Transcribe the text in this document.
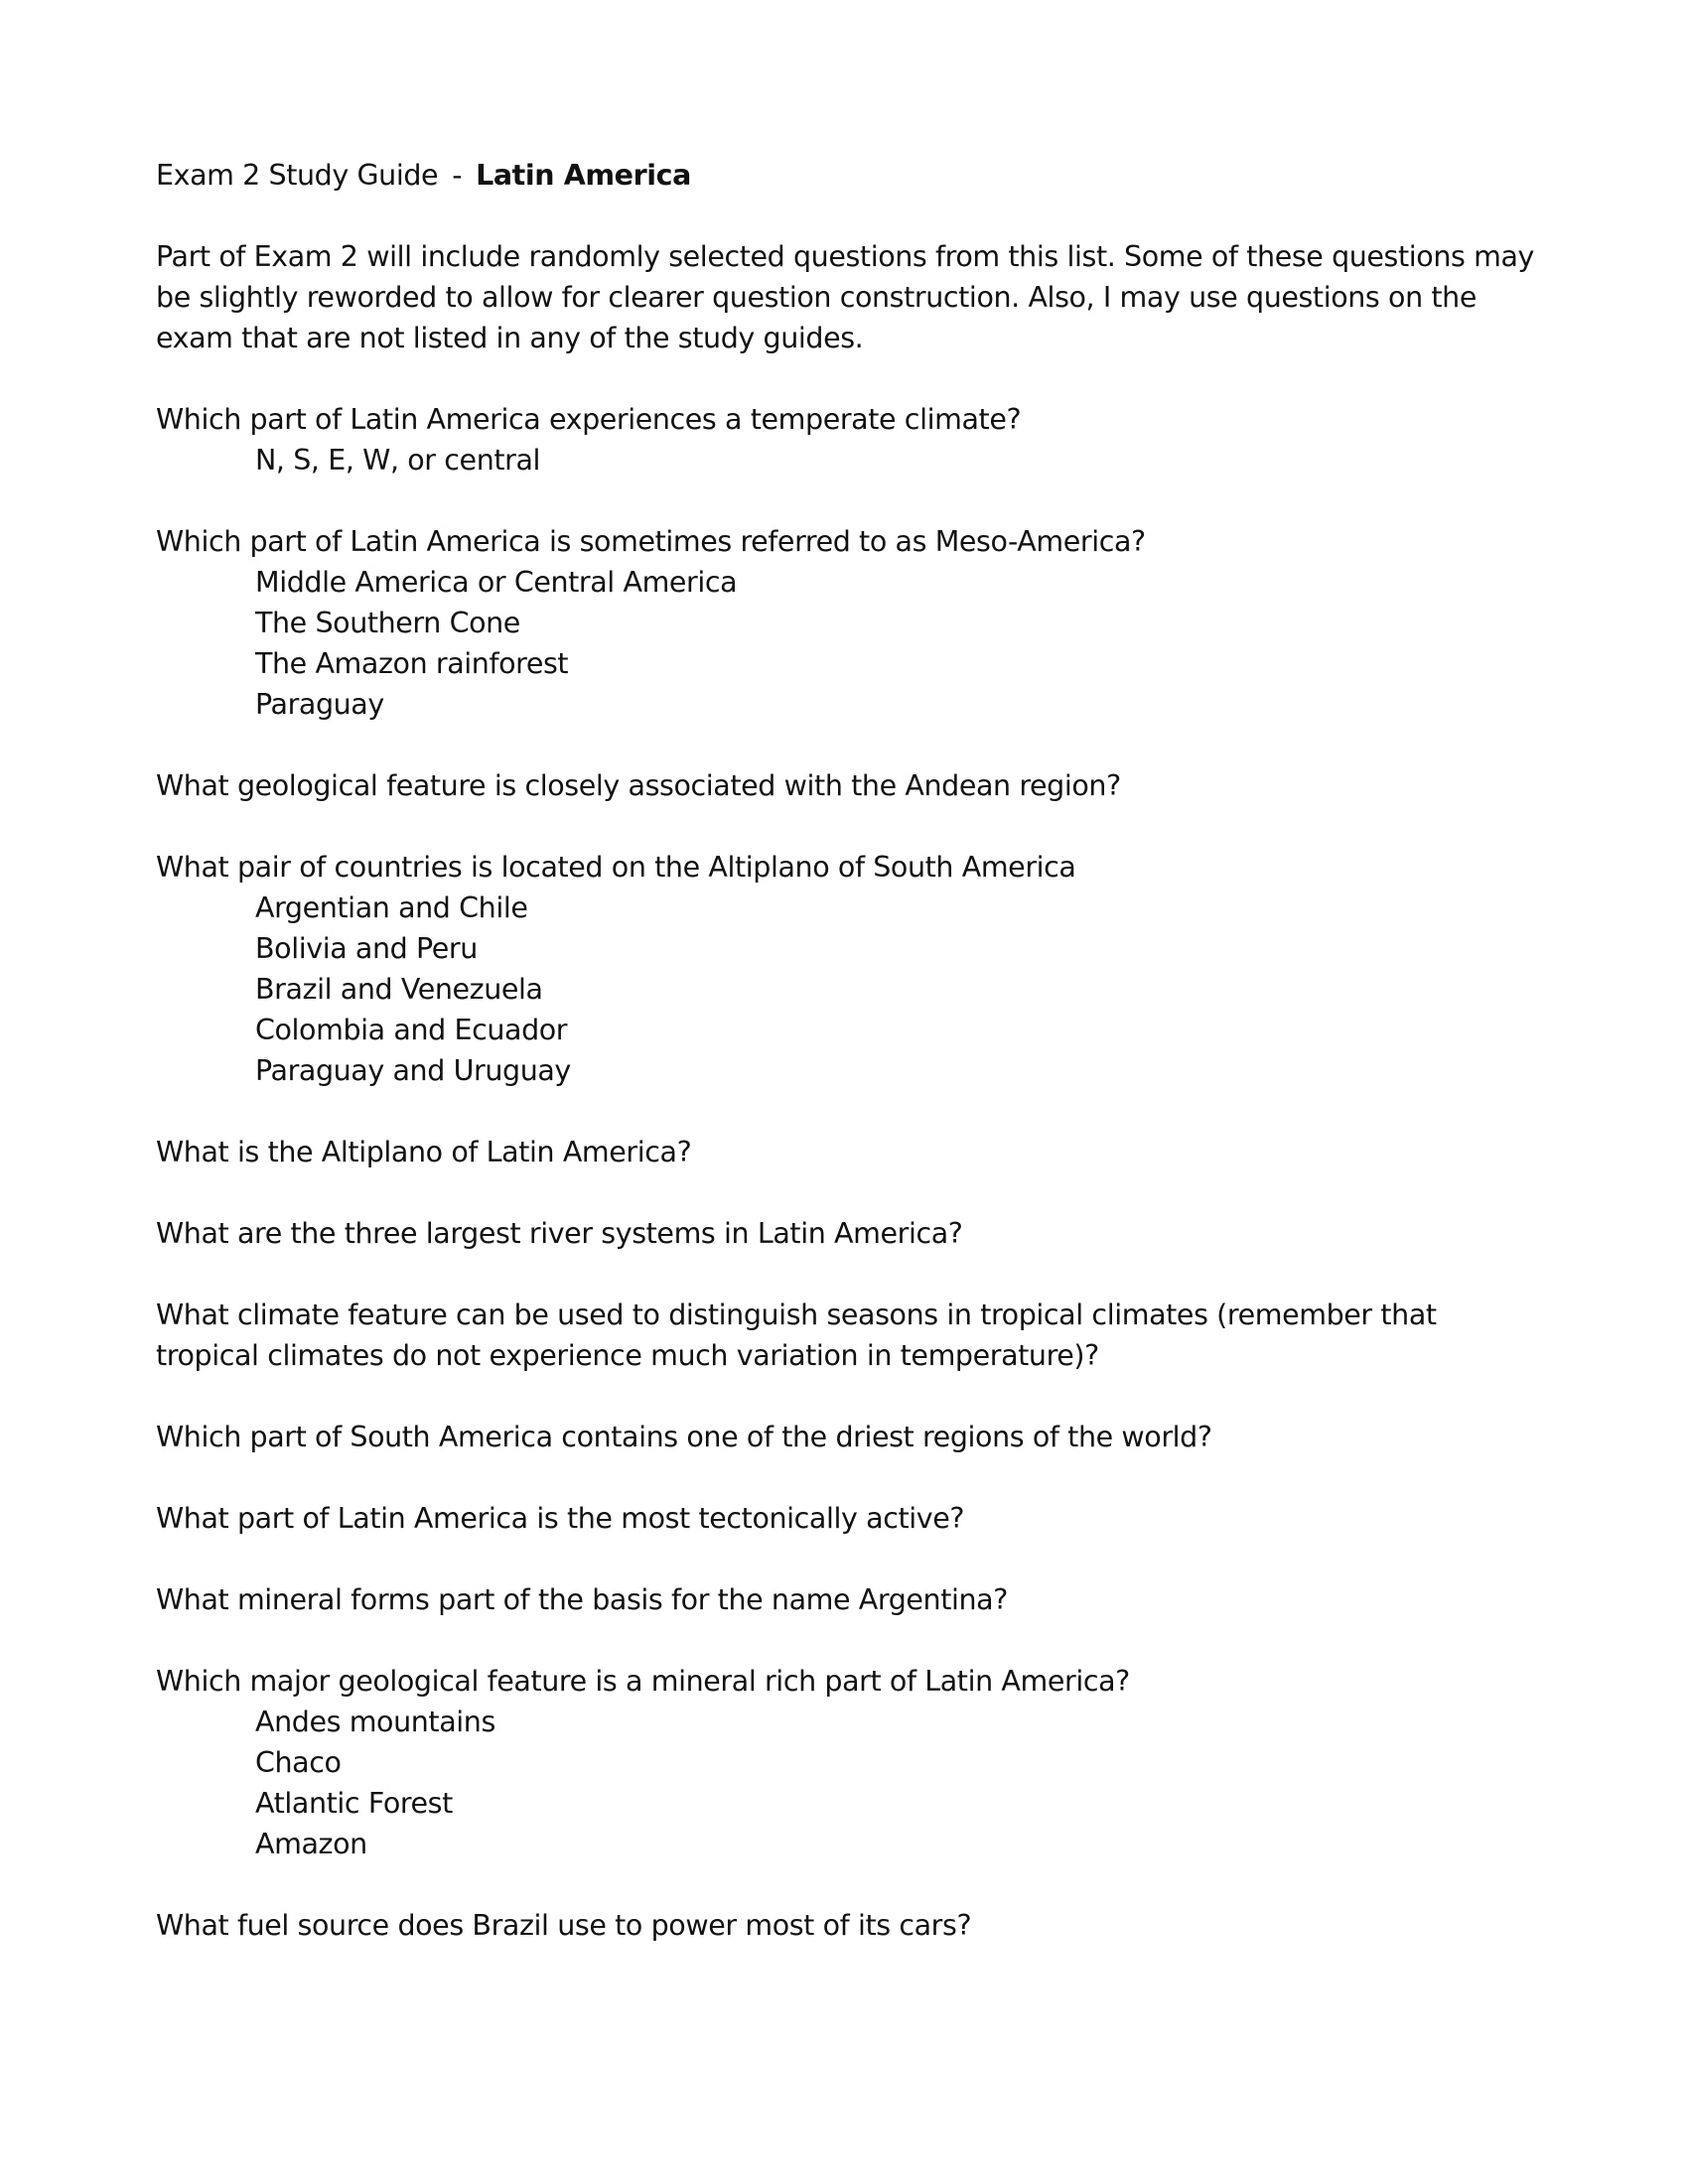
Exam 2 Study Guide - Latin America

Part of Exam 2 will include randomly selected questions from this list. Some of these questions may be slightly reworded to allow for clearer question construction. Also, I may use questions on the exam that are not listed in any of the study guides.

Which part of Latin America experiences a temperate climate?

N, S, E, W, or central

Which part of Latin America is sometimes referred to as Meso-America?

Middle America or Central America
The Southern Cone
The Amazon rainforest
Paraguay

What geological feature is closely associated with the Andean region?

What pair of countries is located on the Altiplano of South America

Argentian and Chile
Bolivia and Peru
Brazil and Venezuela
Colombia and Ecuador
Paraguay and Uruguay

What is the Altiplano of Latin America?

What are the three largest river systems in Latin America?

What climate feature can be used to distinguish seasons in tropical climates (remember that tropical climates do not experience much variation in temperature)?

Which part of South America contains one of the driest regions of the world?

What part of Latin America is the most tectonically active?

What mineral forms part of the basis for the name Argentina?

Which major geological feature is a mineral rich part of Latin America?

Andes mountains
Chaco
Atlantic Forest
Amazon

What fuel source does Brazil use to power most of its cars?
